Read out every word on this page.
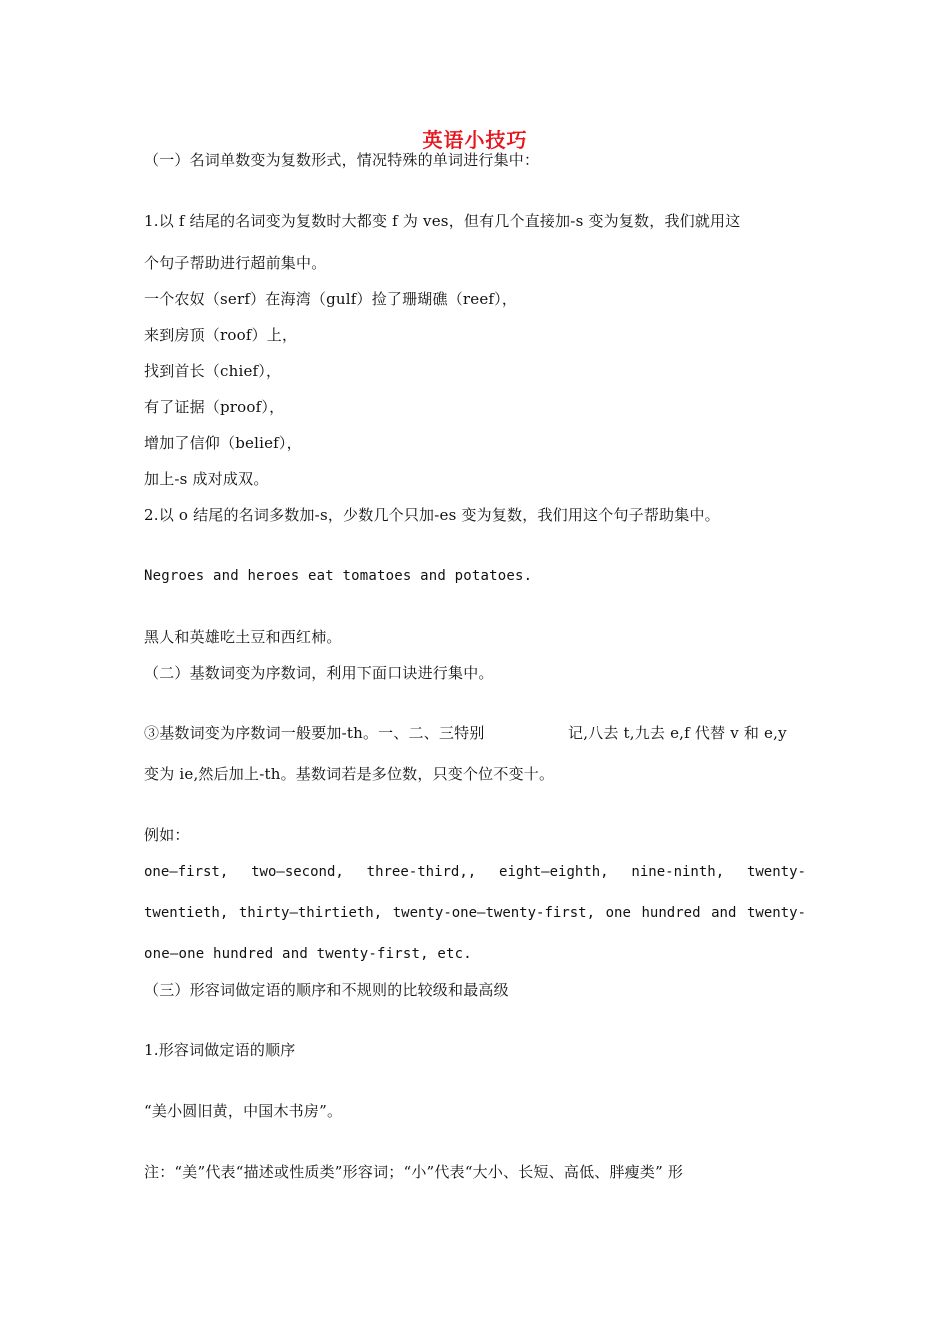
英语小技巧
（一）名词单数变为复数形式，情况特殊的单词进行集中：
1.以 f 结尾的名词变为复数时大都变 f 为 ves，但有几个直接加-s 变为复数，我们就用这
个句子帮助进行超前集中。
一个农奴（serf）在海湾（gulf）捡了珊瑚礁（reef），
来到房顶（roof）上，
找到首长（chief），
有了证据（proof），
增加了信仰（belief），
加上-s 成对成双。
2.以 o 结尾的名词多数加-s，少数几个只加-es 变为复数，我们用这个句子帮助集中。
Negroes and heroes eat tomatoes and potatoes.
黑人和英雄吃土豆和西红柿。
（二）基数词变为序数词，利用下面口诀进行集中。
③基数词变为序数词一般要加-th。一、二、三特别	记,八去 t,九去 e,f 代替 v 和 e,y
变为 ie,然后加上-th。基数词若是多位数，只变个位不变十。
例如：
one—first, two—second, three-third,, eight—eighth, nine-ninth, twenty-
twentieth, thirty—thirtieth, twenty-one—twenty-first, one hundred and twenty-
one—one hundred and twenty-first, etc.
（三）形容词做定语的顺序和不规则的比较级和最高级
1.形容词做定语的顺序
“美小圆旧黄，中国木书房”。
注：“美”代表“描述或性质类”形容词；“小”代表“大小、长短、高低、胖瘦类” 形
